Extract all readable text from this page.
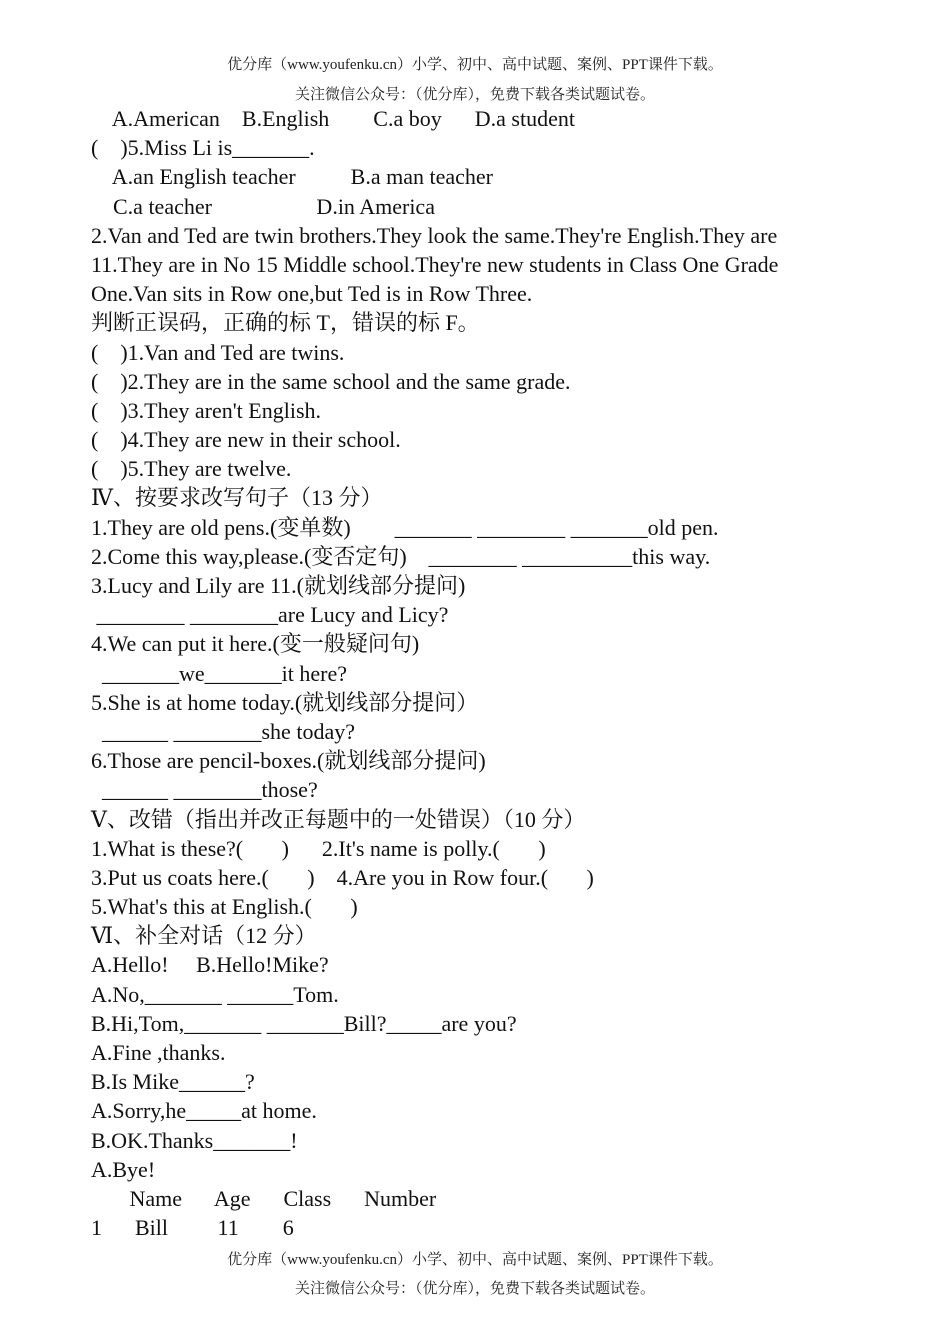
优分库（www.youfenku.cn）小学、初中、高中试题、案例、PPT课件下载。
关注微信公众号：（优分库），免费下载各类试题试卷。
A.American    B.English        C.a boy      D.a student
(    )5.Miss Li is_______.
A.an English teacher          B.a man teacher
C.a teacher                   D.in America
2.Van and Ted are twin brothers.They look the same.They're English.They are
11.They are in No 15 Middle school.They're new students in Class One Grade
One.Van sits in Row one,but Ted is in Row Three.
判断正误码，正确的标 T，错误的标 F。
(    )1.Van and Ted are twins.
(    )2.They are in the same school and the same grade.
(    )3.They aren't English.
(    )4.They are new in their school.
(    )5.They are twelve.
Ⅳ、按要求改写句子（13 分）
1.They are old pens.(变单数)        _______ ________ _______old pen.
2.Come this way,please.(变否定句)    ________ __________this way.
3.Lucy and Lily are 11.(就划线部分提问)
________ ________are Lucy and Licy?
4.We can put it here.(变一般疑问句)
_______we_______it here?
5.She is at home today.(就划线部分提问）
______ ________she today?
6.Those are pencil-boxes.(就划线部分提问)
______ ________those?
Ⅴ、改错（指出并改正每题中的一处错误）（10 分）
1.What is these?(       )      2.It's name is polly.(       )
3.Put us coats here.(       )    4.Are you in Row four.(       )
5.What's this at English.(       )
Ⅵ、补全对话（12 分）
A.Hello!     B.Hello!Mike?
A.No,_______ ______Tom.
B.Hi,Tom,_______ _______Bill?_____are you?
A.Fine ,thanks.
B.Is Mike______?
A.Sorry,he_____at home.
B.OK.Thanks_______!
A.Bye!
Name      Age      Class      Number
1      Bill         11        6
优分库（www.youfenku.cn）小学、初中、高中试题、案例、PPT课件下载。
关注微信公众号：（优分库），免费下载各类试题试卷。
